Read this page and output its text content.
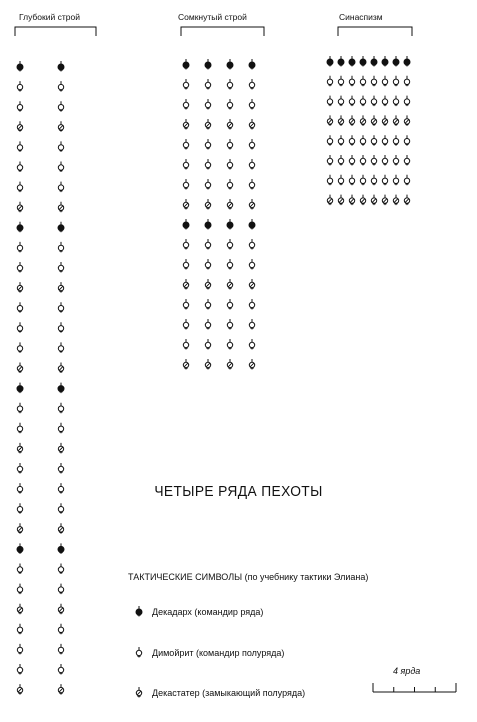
Глубокий строй	Сомкнутый строй	Синаспизм
ЧЕТЫРЕ РЯДА ПЕХОТЫ
ТАКТИЧЕСКИЕ СИМВОЛЫ (по учебнику тактики Элиана)
Декадарх (командир ряда)
Димойрит (командир полуряда)
Декастатер (замыкающий полуряда)
4 ярда
